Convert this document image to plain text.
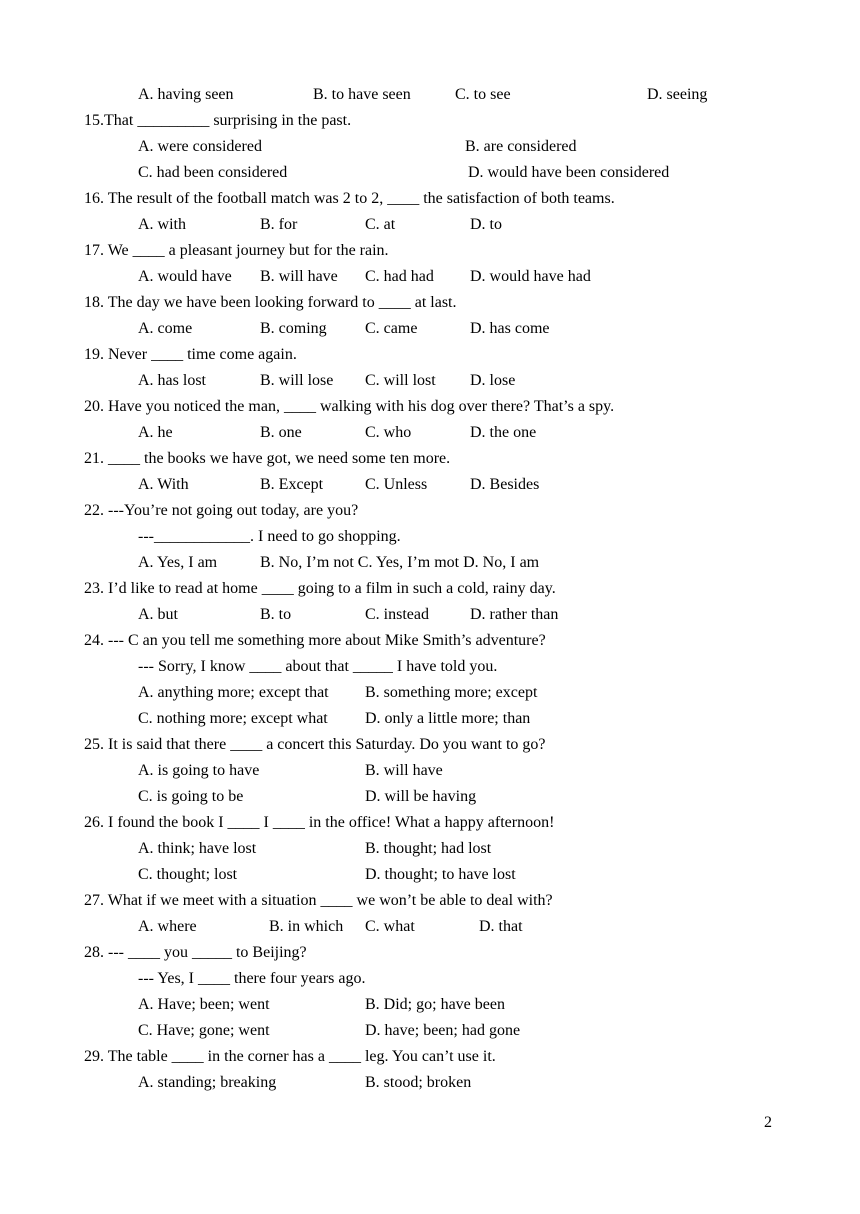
A. having seen	B. to have seen	C. to see	D. seeing
15.That _________ surprising in the past.
A. were considered	B. are considered
C. had been considered	D. would have been considered
16. The result of the football match was 2 to 2, ____ the satisfaction of both teams.
A. with	B. for	C. at	D. to
17. We ____ a pleasant journey but for the rain.
A. would have B. will have C. had had D. would have had
18. The day we have been looking forward to ____ at last.
A. come	B. coming C. came	D. has come
19. Never ____ time come again.
A. has lost	B. will lose C. will lost D. lose
20. Have you noticed the man, ____ walking with his dog over there? That’s a spy.
A. he	B. one	C. who	D. the one
21. ____ the books we have got, we need some ten more.
A. With	B. Except	C. Unless	D. Besides
22. ---You’re not going out today, are you?
---____________. I need to go shopping.
A. Yes, I am	B. No, I’m not C. Yes, I’m mot D. No, I am
23. I’d like to read at home ____ going to a film in such a cold, rainy day.
A. but	B. to	C. instead	D. rather than
24. --- C an you tell me something more about Mike Smith’s adventure?
--- Sorry, I know ____ about that _____ I have told you.
A. anything more; except that B. something more; except
C. nothing more; except what D. only a little more; than
25. It is said that there ____ a concert this Saturday. Do you want to go?
A. is going to have	B. will have
C. is going to be	D. will be having
26. I found the book I ____ I ____ in the office! What a happy afternoon!
A. think; have lost	B. thought; had lost
C. thought; lost	D. thought; to have lost
27. What if we meet with a situation ____ we won’t be able to deal with?
A. where	B. in which C. what	D. that
28. --- ____ you _____ to Beijing?
--- Yes, I ____ there four years ago.
A. Have; been; went	B. Did; go; have been
C. Have; gone; went	D. have; been; had gone
29. The table ____ in the corner has a ____ leg. You can’t use it.
A. standing; breaking	B. stood; broken
2
